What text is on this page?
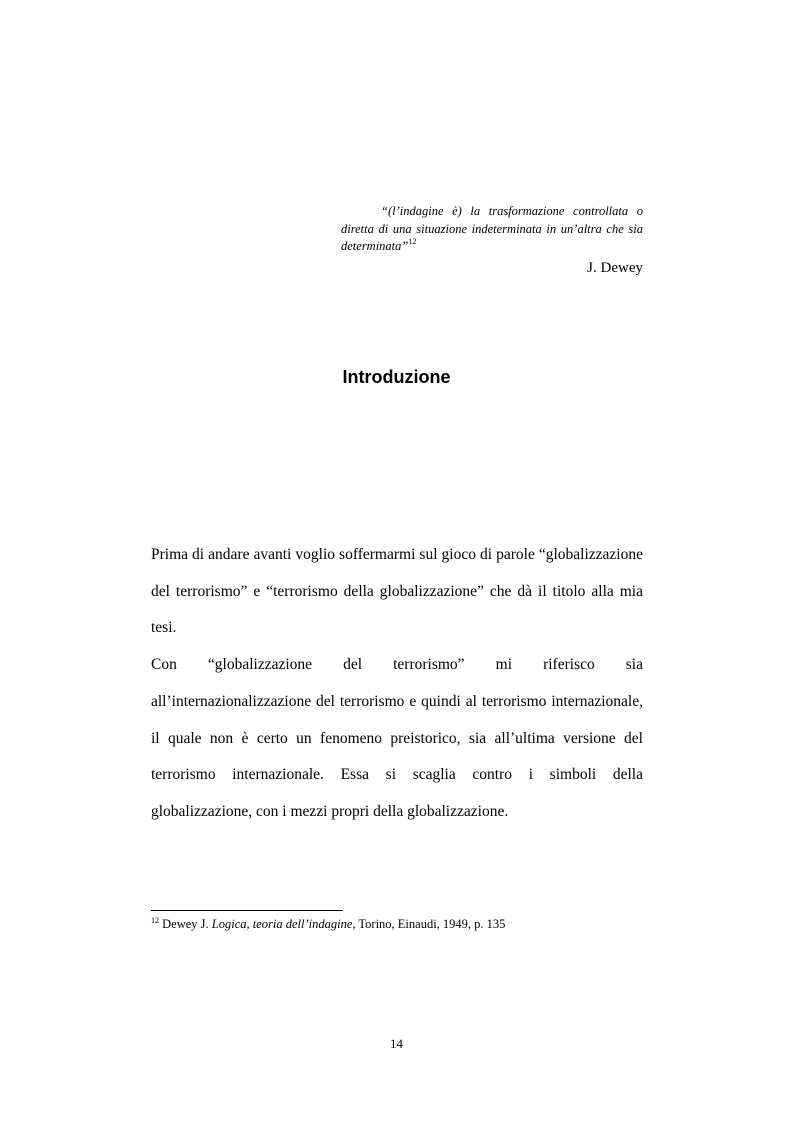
“(l’indagine è) la trasformazione controllata o diretta di una situazione indeterminata in un’altra che sia determinata”$^{12}$
J. Dewey
Introduzione

Prima di andare avanti voglio soffermarmi sul gioco di parole “globalizzazione del terrorismo” e “terrorismo della globalizzazione” che dà il titolo alla mia tesi.

Con “globalizzazione del terrorismo” mi riferisco sia all’internazionalizzazione del terrorismo e quindi al terrorismo internazionale, il quale non è certo un fenomeno preistorico, sia all’ultima versione del terrorismo internazionale. Essa si scaglia contro i simboli della globalizzazione, con i mezzi propri della globalizzazione.

$^{12}$ Dewey J. Logica, teoria dell’indagine, Torino, Einaudi, 1949, p. 135
14
